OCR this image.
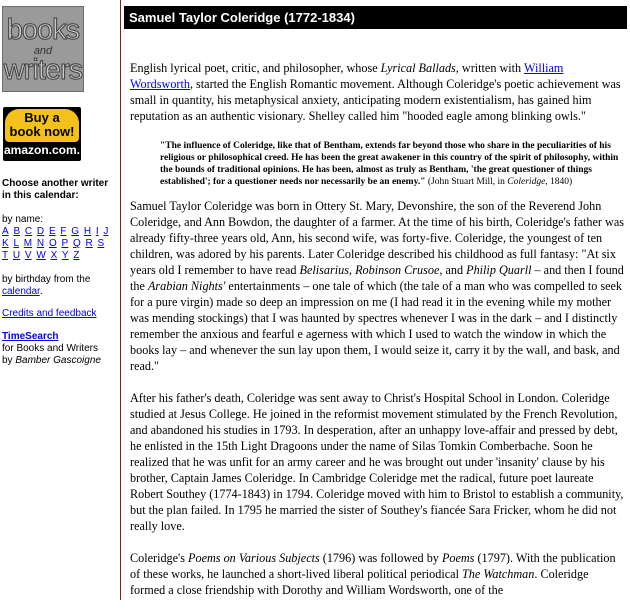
books
and
writers
Buy a
book now!
amazon.com.
Choose another writer in this calendar:
by name:
A B C D E F G H I J K L M N O P Q R S T U V W X Y Z
by birthday from the
calendar.
Credits and feedback
TimeSearch
for Books and Writers
by Bamber Gascoigne
Samuel Taylor Coleridge (1772-1834)

English lyrical poet, critic, and philosopher, whose Lyrical Ballads, written with William Wordsworth, started the English Romantic movement. Although Coleridge's poetic achievement was small in quantity, his metaphysical anxiety, anticipating modern existentialism, has gained him reputation as an authentic visionary. Shelley called him "hooded eagle among blinking owls."

"The influence of Coleridge, like that of Bentham, extends far beyond those who share in the peculiarities of his religious or philosophical creed. He has been the great awakener in this country of the spirit of philosophy, within the bounds of traditional opinions. He has been, almost as truly as Bentham, 'the great questioner of things established'; for a questioner needs nor necessarily be an enemy." (John Stuart Mill, in Coleridge, 1840)

Samuel Taylor Coleridge was born in Ottery St. Mary, Devonshire, the son of the Reverend John Coleridge, and Ann Bowdon, the daughter of a farmer. At the time of his birth, Coleridge's father was already fifty-three years old, Ann, his second wife, was forty-five. Coleridge, the youngest of ten children, was adored by his parents. Later Coleridge described his childhood as full fantasy: "At six years old I remember to have read Belisarius, Robinson Crusoe, and Philip Quarll – and then I found the Arabian Nights' entertainments – one tale of which (the tale of a man who was compelled to seek for a pure virgin) made so deep an impression on me (I had read it in the evening while my mother was mending stockings) that I was haunted by spectres whenever I was in the dark – and I distinctly remember the anxious and fearful e agerness with which I used to watch the window in which the books lay – and whenever the sun lay upon them, I would seize it, carry it by the wall, and bask, and read."

After his father's death, Coleridge was sent away to Christ's Hospital School in London. Coleridge studied at Jesus College. He joined in the reformist movement stimulated by the French Revolution, and abandoned his studies in 1793. In desperation, after an unhappy love-affair and pressed by debt, he enlisted in the 15th Light Dragoons under the name of Silas Tomkin Comberbache. Soon he realized that he was unfit for an army career and he was brought out under 'insanity' clause by his brother, Captain James Coleridge. In Cambridge Coleridge met the radical, future poet laureate Robert Southey (1774-1843) in 1794. Coleridge moved with him to Bristol to establish a community, but the plan failed. In 1795 he married the sister of Southey's fiancée Sara Fricker, whom he did not really love.

Coleridge's Poems on Various Subjects (1796) was followed by Poems (1797). With the publication of these works, he launched a short-lived liberal political periodical The Watchman. Coleridge formed a close friendship with Dorothy and William Wordsworth, one of the
